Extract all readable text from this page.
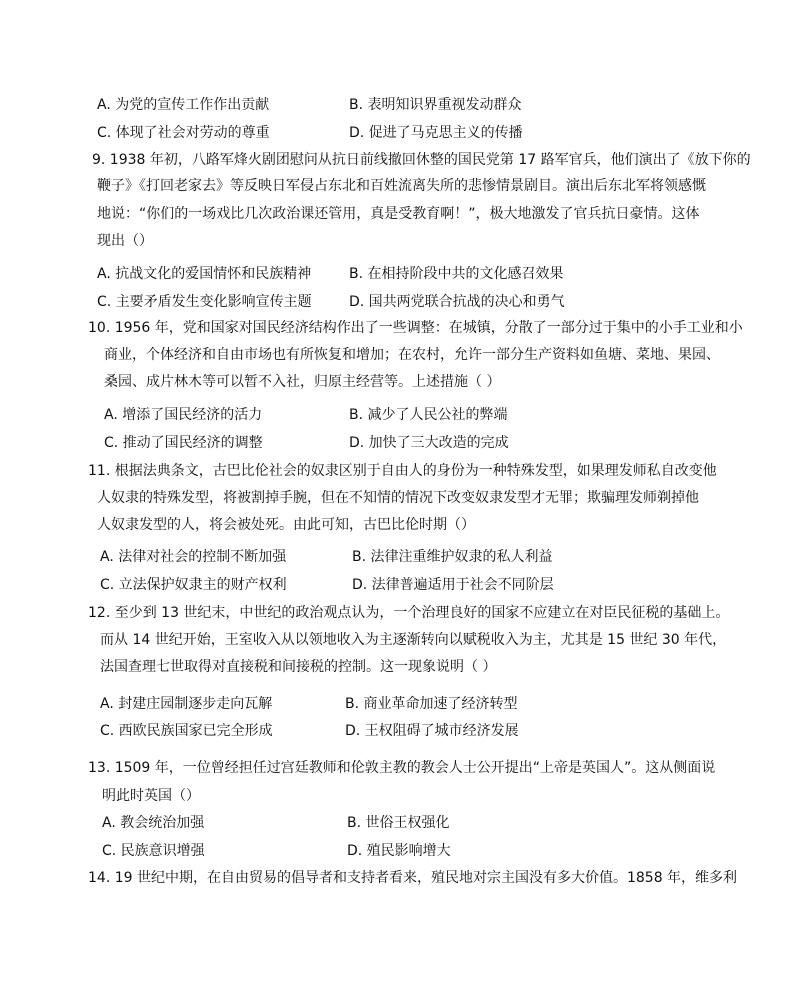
A. 为党的宣传工作作出贡献	B. 表明知识界重视发动群众
C. 体现了社会对劳动的尊重	D. 促进了马克思主义的传播
9. 1938 年初，八路军烽火剧团慰问从抗日前线撤回休整的国民党第 17 路军官兵，他们演出了《放下你的
鞭子》《打回老家去》等反映日军侵占东北和百姓流离失所的悲惨情景剧目。演出后东北军将领感慨
地说：“你们的一场戏比几次政治课还管用，真是受教育啊！”，极大地激发了官兵抗日豪情。这体
现出（）
A. 抗战文化的爱国情怀和民族精神	B. 在相持阶段中共的文化感召效果
C. 主要矛盾发生变化影响宣传主题	D. 国共两党联合抗战的决心和勇气
10. 1956 年，党和国家对国民经济结构作出了一些调整：在城镇，分散了一部分过于集中的小手工业和小
商业，个体经济和自由市场也有所恢复和增加；在农村，允许一部分生产资料如鱼塘、菜地、果园、
桑园、成片林木等可以暂不入社，归原主经营等。上述措施（ ）
A. 增添了国民经济的活力	B. 减少了人民公社的弊端
C. 推动了国民经济的调整	D. 加快了三大改造的完成
11. 根据法典条文，古巴比伦社会的奴隶区别于自由人的身份为一种特殊发型，如果理发师私自改变他
人奴隶的特殊发型，将被割掉手腕，但在不知情的情况下改变奴隶发型才无罪；欺骗理发师剃掉他
人奴隶发型的人，将会被处死。由此可知，古巴比伦时期（）
A. 法律对社会的控制不断加强	B. 法律注重维护奴隶的私人利益
C. 立法保护奴隶主的财产权利	D. 法律普遍适用于社会不同阶层
12. 至少到 13 世纪末，中世纪的政治观点认为，一个治理良好的国家不应建立在对臣民征税的基础上。
而从 14 世纪开始，王室收入从以领地收入为主逐渐转向以赋税收入为主，尤其是 15 世纪 30 年代，
法国查理七世取得对直接税和间接税的控制。这一现象说明（ ）
A. 封建庄园制逐步走向瓦解	B. 商业革命加速了经济转型
C. 西欧民族国家已完全形成	D. 王权阻碍了城市经济发展
13. 1509 年，一位曾经担任过宫廷教师和伦敦主教的教会人士公开提出“上帝是英国人”。这从侧面说
明此时英国（）
A. 教会统治加强	B. 世俗王权强化
C. 民族意识增强	D. 殖民影响增大
14. 19 世纪中期，在自由贸易的倡导者和支持者看来，殖民地对宗主国没有多大价值。1858 年，维多利
